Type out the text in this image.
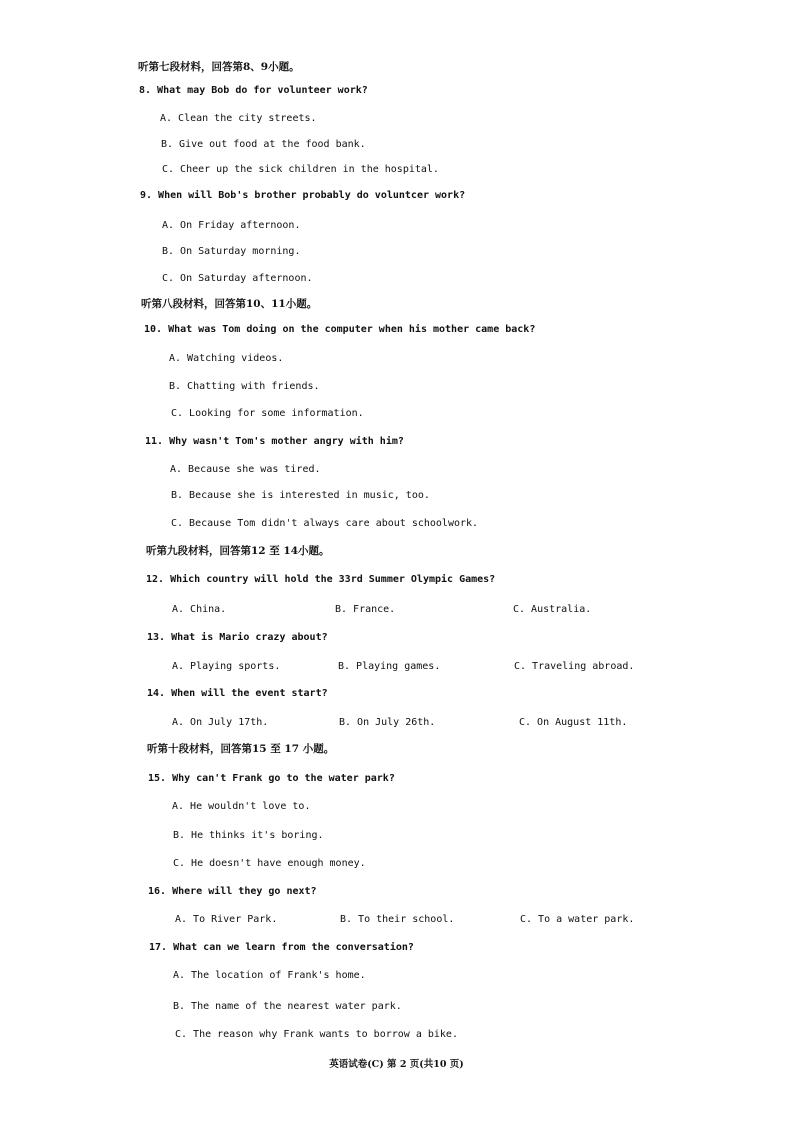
听第七段材料，回答第8、9小题。
8. What may Bob do for volunteer work?
A. Clean the city streets.
B. Give out food at the food bank.
C. Cheer up the sick children in the hospital.
9. When will Bob's brother probably do voluntcer work?
A. On Friday afternoon.
B. On Saturday morning.
C. On Saturday afternoon.
听第八段材料，回答第10、11小题。
10. What was Tom doing on the computer when his mother came back?
A. Watching videos.
B. Chatting with friends.
C. Looking for some information.
11. Why wasn't Tom's mother angry with him?
A. Because she was tired.
B. Because she is interested in music, too.
C. Because Tom didn't always care about schoolwork.
听第九段材料，回答第12 至 14小题。
12. Which country will hold the 33rd Summer Olympic Games?
A. China.	B. France.	C. Australia.
13. What is Mario crazy about?
A. Playing sports.	B. Playing games.	C. Traveling abroad.
14. When will the event start?
A. On July 17th.	B. On July 26th.	C. On August 11th.
听第十段材料，回答第15 至 17 小题。
15. Why can't Frank go to the water park?
A. He wouldn't love to.
B. He thinks it's boring.
C. He doesn't have enough money.
16. Where will they go next?
A. To River Park.	B. To their school.	C. To a water park.
17. What can we learn from the conversation?
A. The location of Frank's home.
B. The name of the nearest water park.
C. The reason why Frank wants to borrow a bike.
英语试卷(C) 第 2 页(共10 页)
